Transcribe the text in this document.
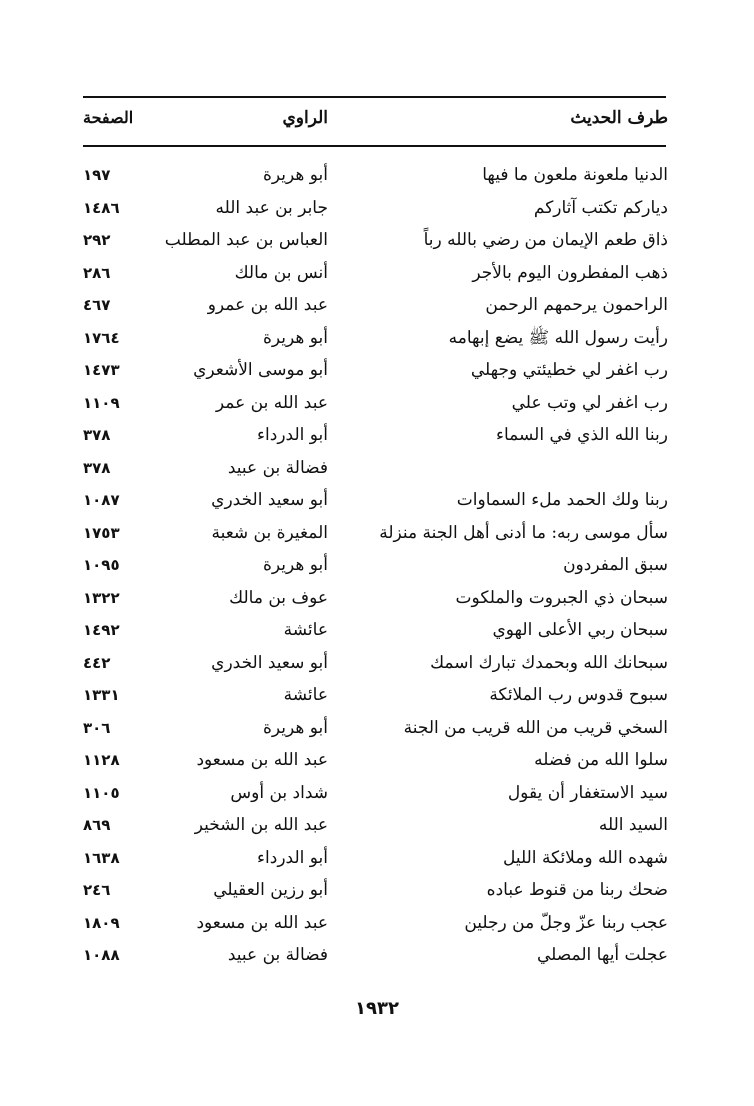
طرف الحديث
الراوي
الصفحة
الدنيا ملعونة ملعون ما فيها
أبو هريرة
١٩٧
ديارکم تکتب آثارکم
جابر بن عبد الله
١٤٨٦
ذاق طعم الإيمان من رضي بالله رباً
العباس بن عبد المطلب
٢٩٢
ذهب المفطرون اليوم بالأجر
أنس بن مالك
٢٨٦
الراحمون يرحمهم الرحمن
عبد الله بن عمرو
٤٦٧
رأيت رسول الله ﷺ يضع إبهامه
أبو هريرة
١٧٦٤
رب اغفر لي خطيئتي وجهلي
أبو موسى الأشعري
١٤٧٣
رب اغفر لي وتب علي
عبد الله بن عمر
١١٠٩
ربنا الله الذي في السماء
أبو الدرداء
٣٧٨
فضالة بن عبيد
٣٧٨
ربنا ولك الحمد ملء السماوات
أبو سعيد الخدري
١٠٨٧
سأل موسى ربه: ما أدنى أهل الجنة منزلة
المغيرة بن شعبة
١٧٥٣
سبق المفردون
أبو هريرة
١٠٩٥
سبحان ذي الجبروت والملكوت
عوف بن مالك
١٣٢٢
سبحان ربي الأعلى الهوي
عائشة
١٤٩٢
سبحانك الله وبحمدك تبارك اسمك
أبو سعيد الخدري
٤٤٢
سبوح قدوس رب الملائكة
عائشة
١٣٣١
السخي قريب من الله قريب من الجنة
أبو هريرة
٣٠٦
سلوا الله من فضله
عبد الله بن مسعود
١١٢٨
سيد الاستغفار أن يقول
شداد بن أوس
١١٠٥
السيد الله
عبد الله بن الشخير
٨٦٩
شهده الله وملائكة الليل
أبو الدرداء
١٦٣٨
ضحك ربنا من قنوط عباده
أبو رزين العقيلي
٢٤٦
عجب ربنا عزّ وجلّ من رجلين
عبد الله بن مسعود
١٨٠٩
عجلت أيها المصلي
فضالة بن عبيد
١٠٨٨
١٩٣٢
